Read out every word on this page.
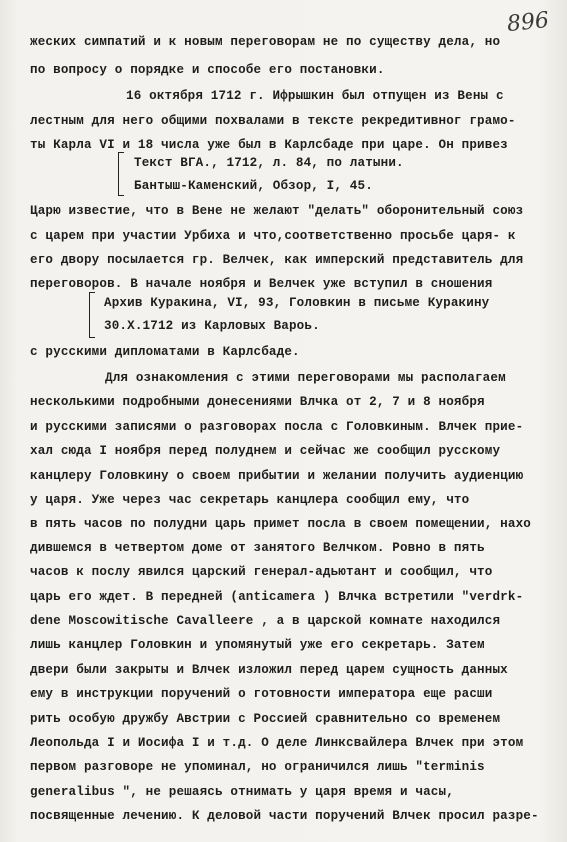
896
жеских симпатий и к новым переговорам не по существу дела, но
по вопросу о порядке и способе его постановки.
16 октября 1712 г. Ифрышкин был отпущен из Вены с
лестным для него общими похвалами в тексте рекредитивног грамо-
ты Карла VI и 18 числа уже был в Карлсбаде при царе. Он привез
Текст ВГА., 1712, л. 84, по латыни.
Бантыш-Каменский, Обзор, I, 45.
Царю известие, что в Вене не желают "делать" оборонительный союз
с царем при участии Урбиха и что,соответственно просьбе царя- к
его двору посылается гр. Велчек, как имперский представитель для
переговоров. В начале ноября и Велчек уже вступил в сношения
Архив Куракина, VI, 93, Головкин в письме Куракину
30.X.1712 из Карловых Вароь.
с русскими дипломатами в Карлсбаде.
Для ознакомления с этими переговорами мы располагаем
несколькими подробными донесениями Влчка от 2, 7 и 8 ноября
и русскими записями о разговорах посла с Головкиным. Влчек прие-
хал сюда I ноября перед полуднем и сейчас же сообщил русскому
канцлеру Головкину о своем прибытии и желании получить аудиенцию
у царя. Уже через час секретарь канцлера сообщил ему, что
в пять часов по полудни царь примет посла в своем помещении, нахо
дившемся в четвертом доме от занятого Велчком. Ровно в пять
часов к послу явился царский генерал-адьютант и сообщил, что
царь его ждет. В передней (anticamera ) Влчка встретили "verdrk-
dene Moscowitische Cavalleere , а в царской комнате находился
лишь канцлер Головкин и упомянутый уже его секретарь. Затем
двери были закрыты и Влчек изложил перед царем сущность данных
ему в инструкции поручений о готовности императора еще расши
рить особую дружбу Австрии с Россией сравнительно со временем
Леопольда I и Иосифа I и т.д. О деле Линксвайлера Влчек при этом
первом разговоре не упоминал, но ограничился лишь "terminis
generalibus ", не решаясь отнимать у царя время и часы,
посвященные лечению. К деловой части поручений Влчек просил разре-
